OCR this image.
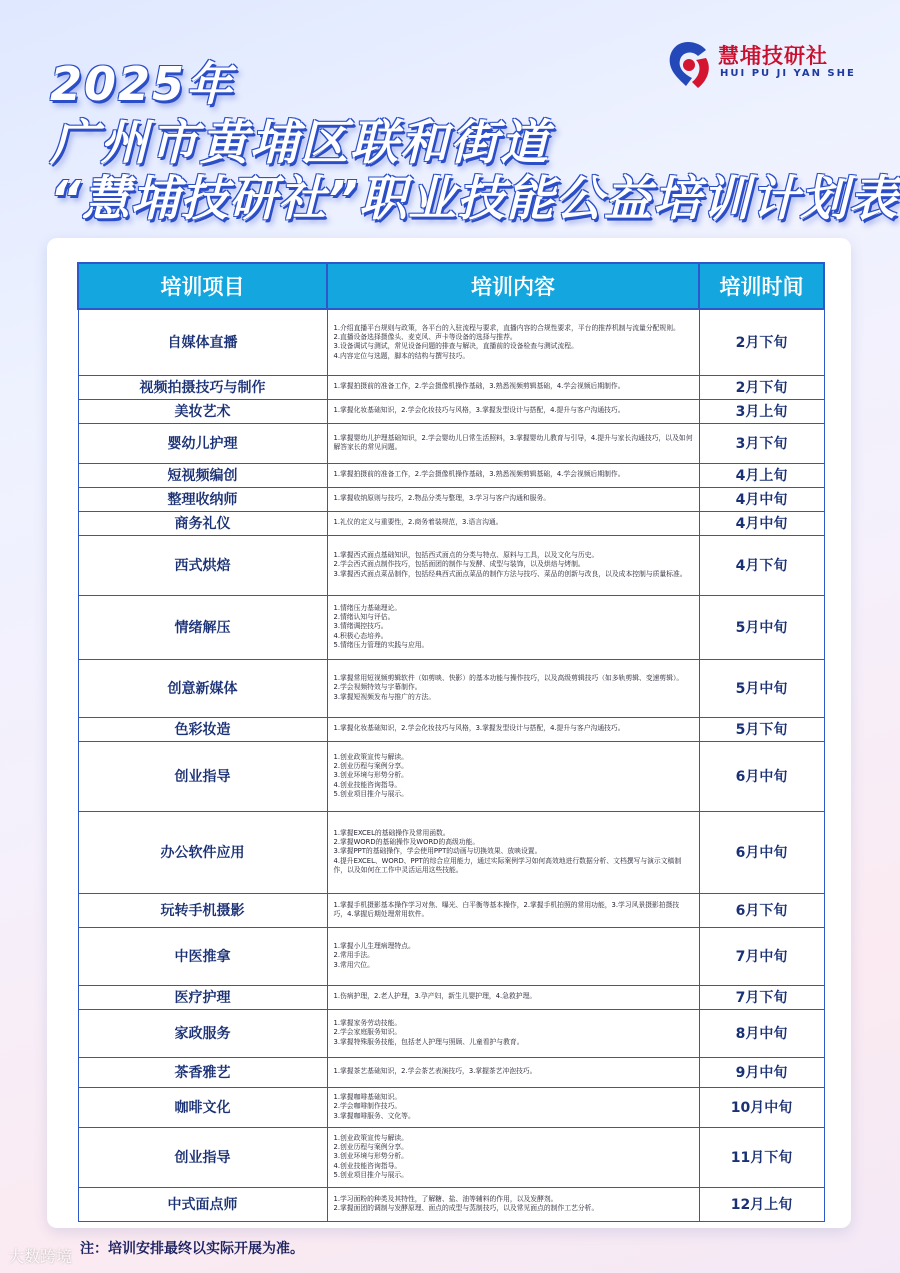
2025年
广州市黄埔区联和街道
“慧埔技研社”职业技能公益培训计划表
慧埔技研社
HUI PU JI YAN SHE
培训项目	培训内容	培训时间
自媒体直播	1.介绍直播平台规则与政策，各平台的入驻流程与要求，直播内容的合规性要求，平台的推荐机制与流量分配规则。
2.直播设备选择摄像头、麦克风、声卡等设备的选择与推荐。
3.设备调试与测试，常见设备问题的排查与解决，直播前的设备检查与测试流程。
4.内容定位与选题，脚本的结构与撰写技巧。	2月下旬
视频拍摄技巧与制作	1.掌握拍摄前的准备工作，2.学会摄像机操作基础，3.熟悉视频剪辑基础，4.学会视频后期制作。	2月下旬
美妆艺术	1.掌握化妆基础知识，2.学会化妆技巧与风格，3.掌握发型设计与搭配，4.提升与客户沟通技巧。	3月上旬
婴幼儿护理	1.掌握婴幼儿护理基础知识，2.学会婴幼儿日常生活照料，3.掌握婴幼儿教育与引导，4.提升与家长沟通技巧，以及如何解答家长的常见问题。	3月下旬
短视频编创	1.掌握拍摄前的准备工作，2.学会摄像机操作基础，3.熟悉视频剪辑基础，4.学会视频后期制作。	4月上旬
整理收纳师	1.掌握收纳原则与技巧，2.物品分类与整理，3.学习与客户沟通和服务。	4月中旬
商务礼仪	1.礼仪的定义与重要性，2.商务着装规范，3.语言沟通。	4月中旬
西式烘焙	1.掌握西式面点基础知识，包括西式面点的分类与特点、原料与工具，以及文化与历史。
2.学会西式面点制作技巧，包括面团的制作与发酵、成型与装饰，以及烘焙与烤制。
3.掌握西式面点菜品制作，包括经典西式面点菜品的制作方法与技巧、菜品的创新与改良，以及成本控制与质量标准。	4月下旬
情绪解压	1.情绪压力基础理论。
2.情绪认知与评估。
3.情绪调控技巧。
4.积极心态培养。
5.情绪压力管理的实践与应用。	5月中旬
创意新媒体	1.掌握常用短视频剪辑软件（如剪映、快影）的基本功能与操作技巧，以及高级剪辑技巧（如多轨剪辑、变速剪辑）。
2.学会视频特效与字幕制作。
3.掌握短视频发布与推广的方法。	5月中旬
色彩妆造	1.掌握化妆基础知识，2.学会化妆技巧与风格，3.掌握发型设计与搭配，4.提升与客户沟通技巧。	5月下旬
创业指导	1.创业政策宣传与解读。
2.创业历程与案例分享。
3.创业环境与形势分析。
4.创业技能咨询指导。
5.创业项目推介与展示。	6月中旬
办公软件应用	1.掌握EXCEL的基础操作及常用函数。
2.掌握WORD的基础操作及WORD的高级功能。
3.掌握PPT的基础操作，学会使用PPT的动画与切换效果、放映设置。
4.提升EXCEL、WORD、PPT的综合应用能力，通过实际案例学习如何高效地进行数据分析、文档撰写与演示文稿制作，以及如何在工作中灵活运用这些技能。	6月中旬
玩转手机摄影	1.掌握手机摄影基本操作学习对焦、曝光、白平衡等基本操作，2.掌握手机拍照的常用功能，3.学习风景摄影拍摄技巧，4.掌握后期处理常用软件。	6月下旬
中医推拿	1.掌握小儿生理病理特点。
2.常用手法。
3.常用穴位。	7月中旬
医疗护理	1.伤病护理，2.老人护理，3.孕产妇，新生儿婴护理，4.急救护理。	7月下旬
家政服务	1.掌握家务劳动技能。
2.学会家庭服务知识。
3.掌握特殊服务技能，包括老人护理与照顾、儿童看护与教育。	8月中旬
茶香雅艺	1.掌握茶艺基础知识，2.学会茶艺表演技巧，3.掌握茶艺冲泡技巧。	9月中旬
咖啡文化	1.掌握咖啡基础知识。
2.学会咖啡制作技巧。
3.掌握咖啡服务、文化等。	10月中旬
创业指导	1.创业政策宣传与解读。
2.创业历程与案例分享。
3.创业环境与形势分析。
4.创业技能咨询指导。
5.创业项目推介与展示。	11月下旬
中式面点师	1.学习面粉的种类及其特性，了解糖、盐、油等辅料的作用，以及发酵剂。
2.掌握面团的调制与发酵原理、面点的成型与蒸制技巧，以及常见面点的制作工艺分析。	12月上旬
注：培训安排最终以实际开展为准。
大数跨境
